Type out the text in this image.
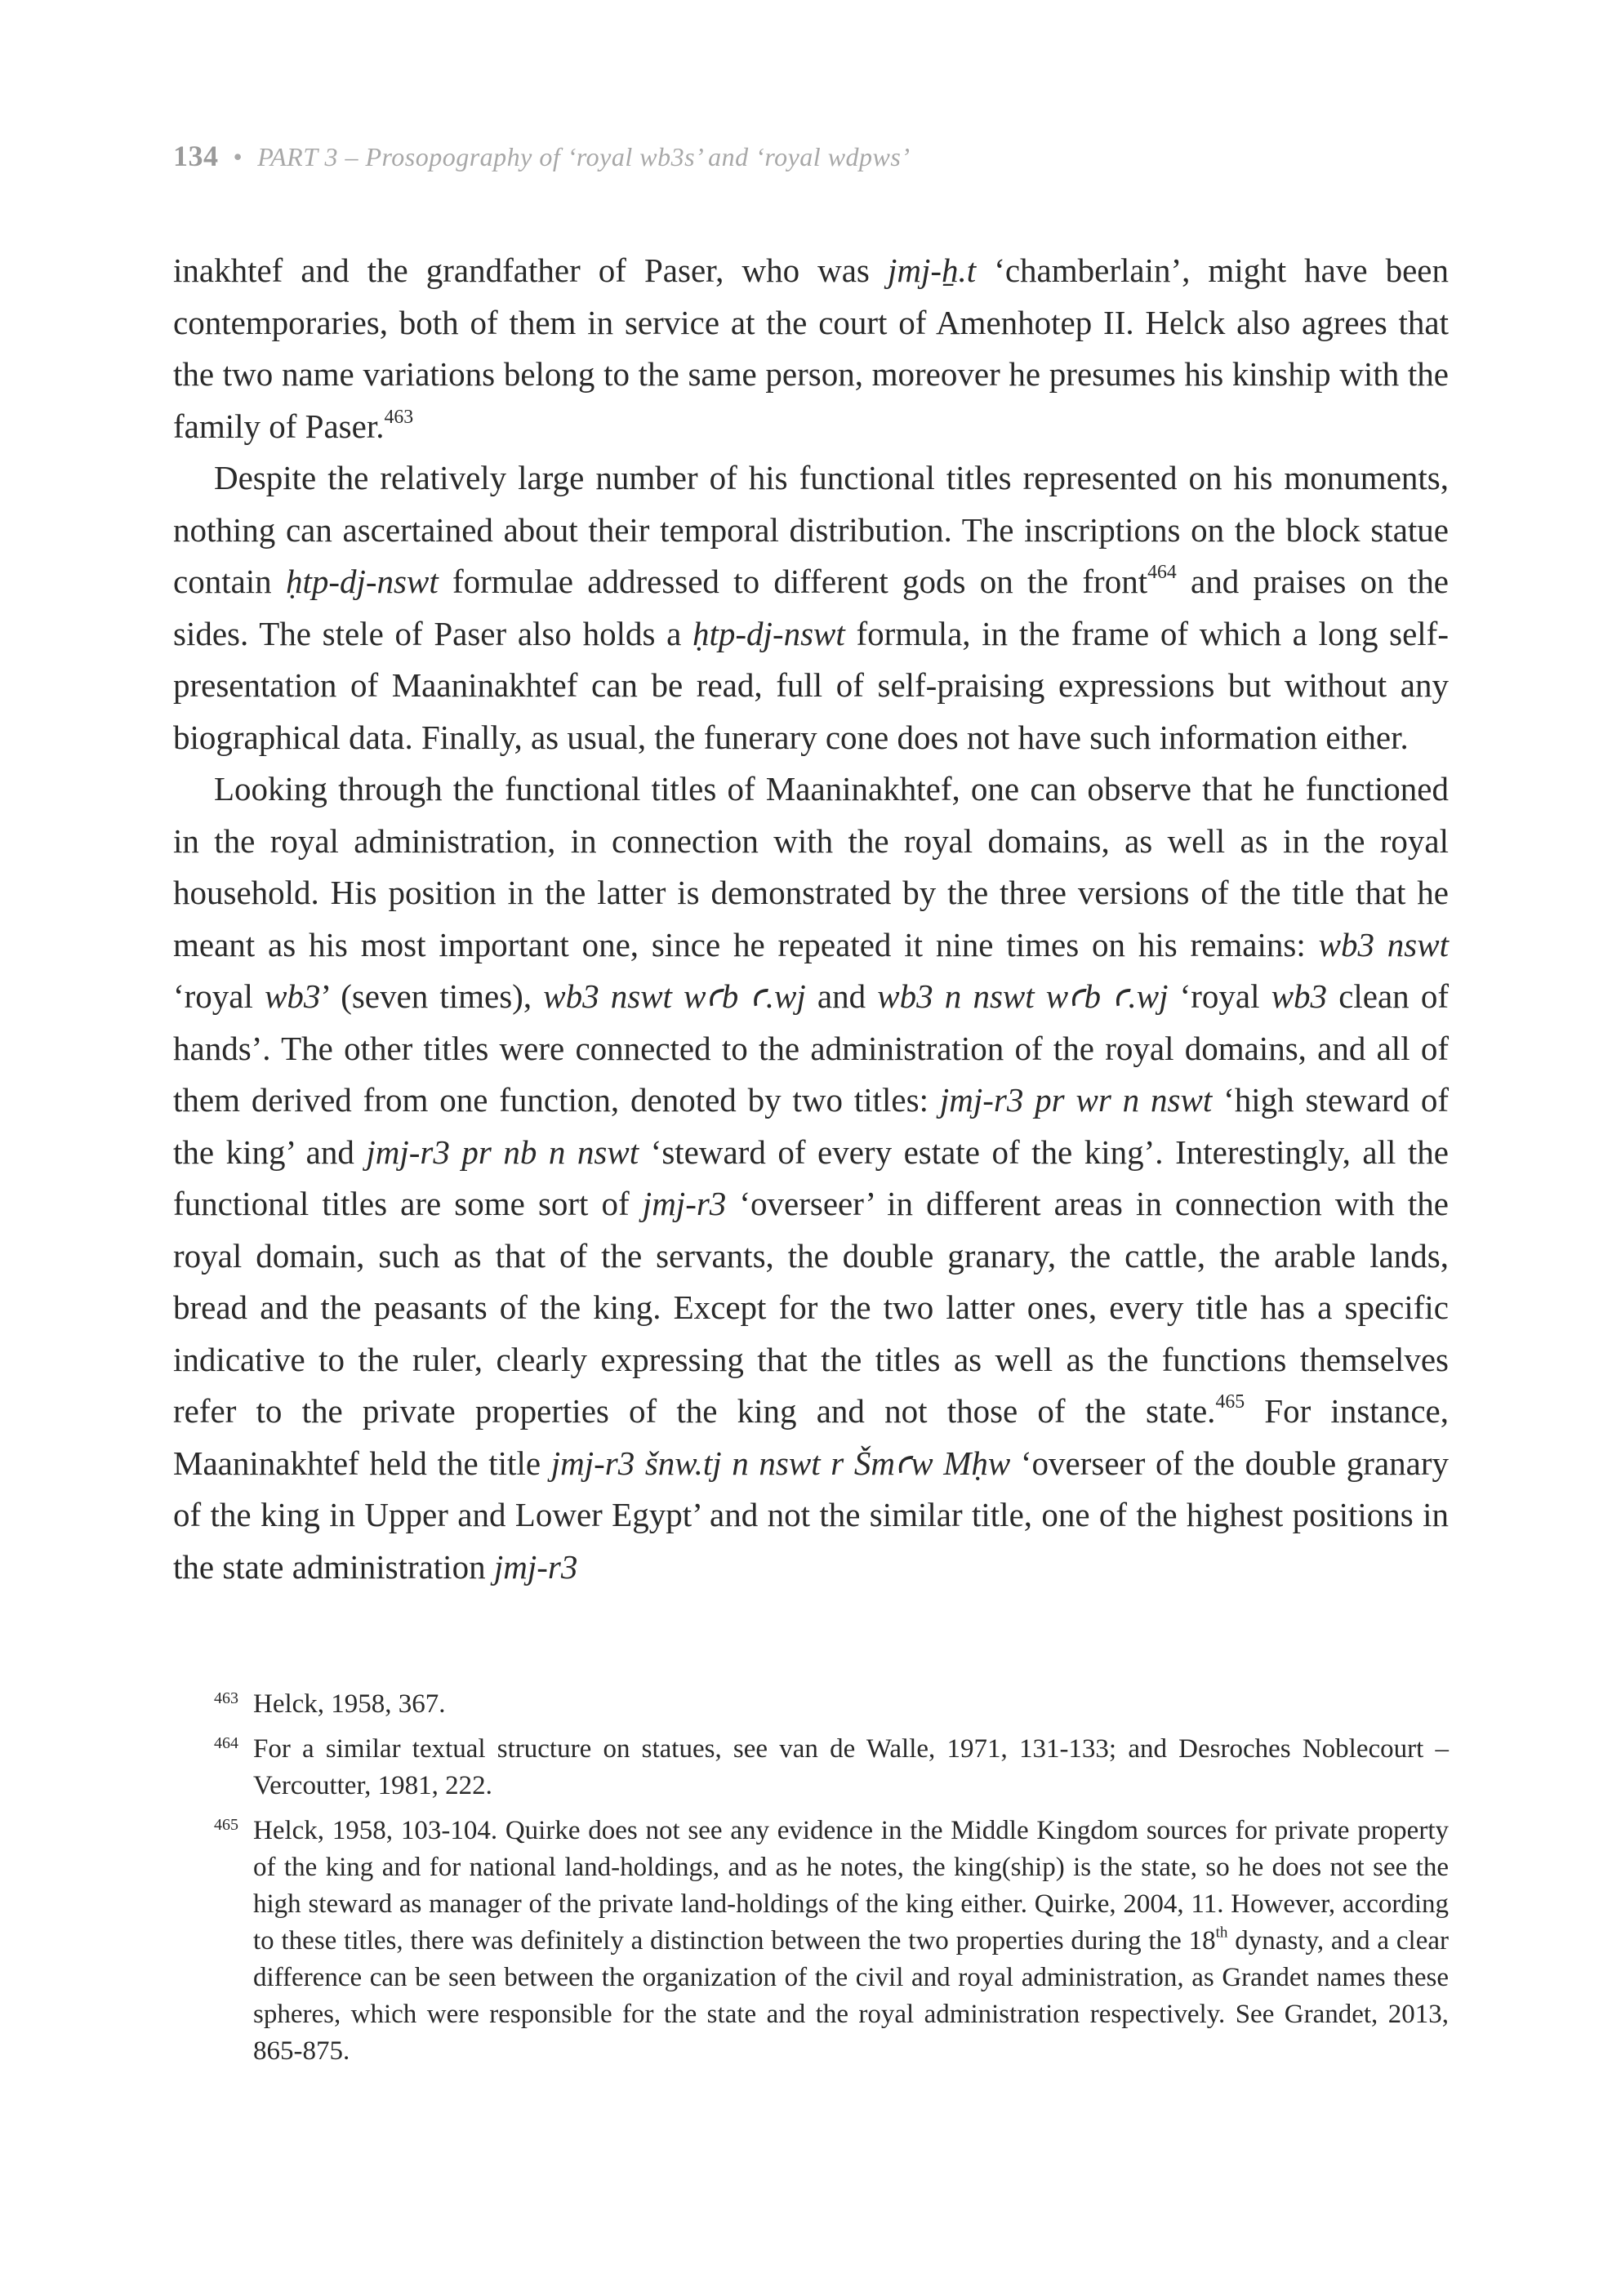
134 • PART 3 – Prosopography of ‘royal wb3s’ and ‘royal wdpws’

inakhtef and the grandfather of Paser, who was jmj-ẖ.t ‘chamberlain’, might have been contemporaries, both of them in service at the court of Amenhotep II. Helck also agrees that the two name variations belong to the same person, moreover he presumes his kinship with the family of Paser.$^{463}$

Despite the relatively large number of his functional titles represented on his monuments, nothing can ascertained about their temporal distribution. The inscriptions on the block statue contain ḥtp-dj-nswt formulae addressed to different gods on the front$^{464}$ and praises on the sides. The stele of Paser also holds a ḥtp-dj-nswt formula, in the frame of which a long self-presentation of Maaninakhtef can be read, full of self-praising expressions but without any biographical data. Finally, as usual, the funerary cone does not have such information either.

Looking through the functional titles of Maaninakhtef, one can observe that he functioned in the royal administration, in connection with the royal domains, as well as in the royal household. His position in the latter is demonstrated by the three versions of the title that he meant as his most important one, since he repeated it nine times on his remains: wb3 nswt ‘royal wb3’ (seven times), wb3 nswt wꜥb ꜥ.wj and wb3 n nswt wꜥb ꜥ.wj ‘royal wb3 clean of hands’. The other titles were connected to the administration of the royal domains, and all of them derived from one function, denoted by two titles: jmj-r3 pr wr n nswt ‘high steward of the king’ and jmj-r3 pr nb n nswt ‘steward of every estate of the king’. Interestingly, all the functional titles are some sort of jmj-r3 ‘overseer’ in different areas in connection with the royal domain, such as that of the servants, the double granary, the cattle, the arable lands, bread and the peasants of the king. Except for the two latter ones, every title has a specific indicative to the ruler, clearly expressing that the titles as well as the functions themselves refer to the private properties of the king and not those of the state.$^{465}$ For instance, Maaninakhtef held the title jmj-r3 šnw.tj n nswt r Šmꜥw Mḥw ‘overseer of the double granary of the king in Upper and Lower Egypt’ and not the similar title, one of the highest positions in the state administration jmj-r3

463 Helck, 1958, 367.
464 For a similar textual structure on statues, see van de Walle, 1971, 131-133; and Desroches Noblecourt – Vercoutter, 1981, 222.
465 Helck, 1958, 103-104. Quirke does not see any evidence in the Middle Kingdom sources for private property of the king and for national land-holdings, and as he notes, the king(ship) is the state, so he does not see the high steward as manager of the private land-holdings of the king either. Quirke, 2004, 11. However, according to these titles, there was definitely a distinction between the two properties during the 18th dynasty, and a clear difference can be seen between the organization of the civil and royal administration, as Grandet names these spheres, which were responsible for the state and the royal administration respectively. See Grandet, 2013, 865-875.
